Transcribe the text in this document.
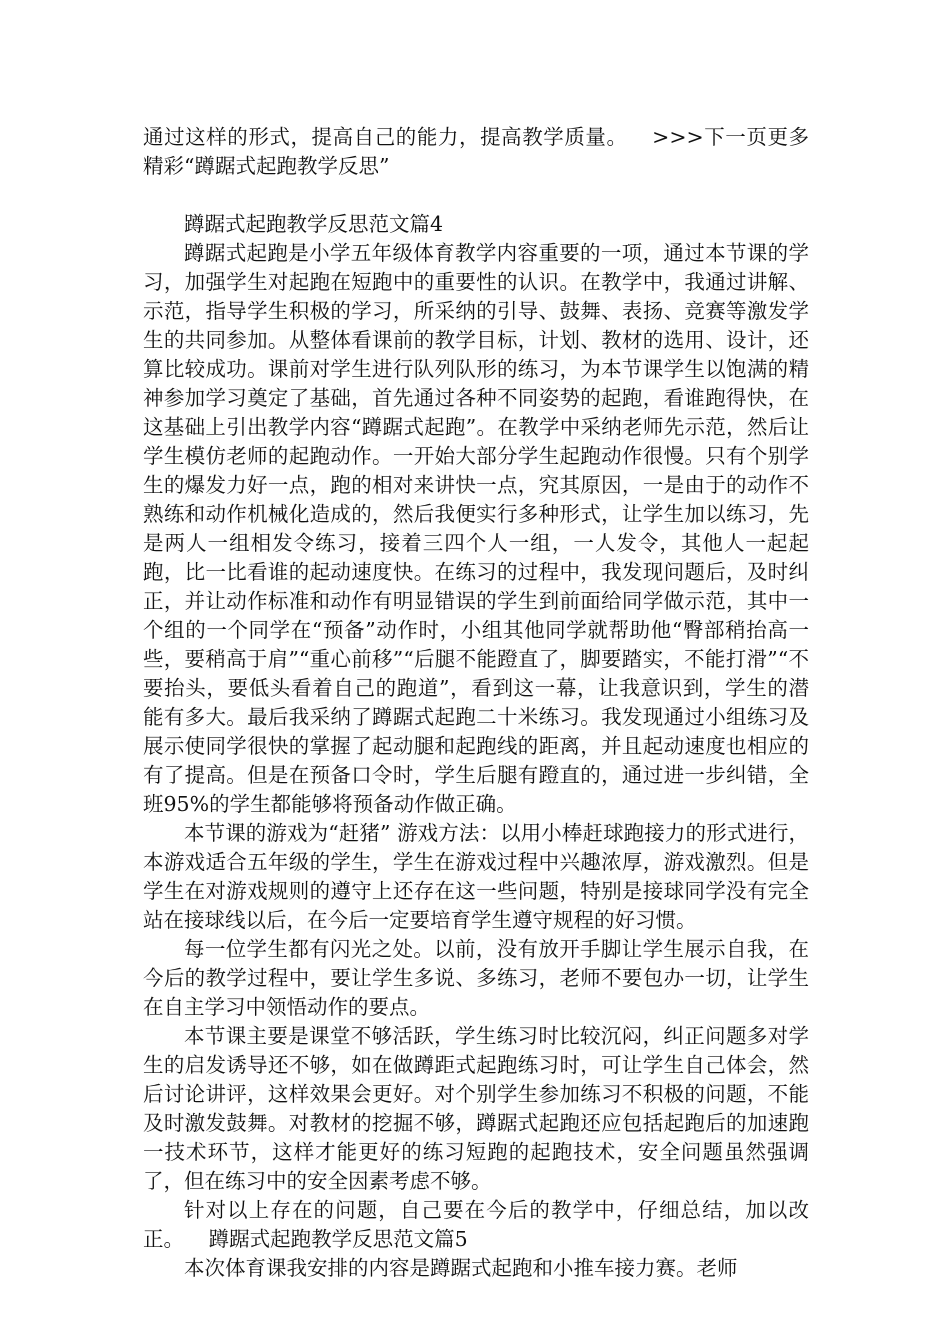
通过这样的形式，提高自己的能力，提高教学质量。 >>>下一页更多精彩“蹲踞式起跑教学反思”

蹲踞式起跑教学反思范文篇4

蹲踞式起跑是小学五年级体育教学内容重要的一项，通过本节课的学习，加强学生对起跑在短跑中的重要性的认识。在教学中，我通过讲解、示范，指导学生积极的学习，所采纳的引导、鼓舞、表扬、竞赛等激发学生的共同参加。从整体看课前的教学目标，计划、教材的选用、设计，还算比较成功。课前对学生进行队列队形的练习，为本节课学生以饱满的精神参加学习奠定了基础，首先通过各种不同姿势的起跑，看谁跑得快，在这基础上引出教学内容“蹲踞式起跑”。在教学中采纳老师先示范，然后让学生模仿老师的起跑动作。一开始大部分学生起跑动作很慢。只有个别学生的爆发力好一点，跑的相对来讲快一点，究其原因，一是由于的动作不熟练和动作机械化造成的，然后我便实行多种形式，让学生加以练习，先是两人一组相发令练习，接着三四个人一组，一人发令，其他人一起起跑，比一比看谁的起动速度快。在练习的过程中，我发现问题后，及时纠正，并让动作标准和动作有明显错误的学生到前面给同学做示范，其中一个组的一个同学在“预备”动作时，小组其他同学就帮助他“臀部稍抬高一些，要稍高于肩”“重心前移”“后腿不能蹬直了，脚要踏实，不能打滑”“不要抬头，要低头看着自己的跑道”，看到这一幕，让我意识到，学生的潜能有多大。最后我采纳了蹲踞式起跑二十米练习。我发现通过小组练习及展示使同学很快的掌握了起动腿和起跑线的距离，并且起动速度也相应的有了提高。但是在预备口令时，学生后腿有蹬直的，通过进一步纠错，全班95%的学生都能够将预备动作做正确。

本节课的游戏为“赶猪” 游戏方法：以用小棒赶球跑接力的形式进行，本游戏适合五年级的学生，学生在游戏过程中兴趣浓厚，游戏激烈。但是学生在对游戏规则的遵守上还存在这一些问题，特别是接球同学没有完全站在接球线以后，在今后一定要培育学生遵守规程的好习惯。

每一位学生都有闪光之处。以前，没有放开手脚让学生展示自我，在今后的教学过程中，要让学生多说、多练习，老师不要包办一切，让学生在自主学习中领悟动作的要点。

本节课主要是课堂不够活跃，学生练习时比较沉闷，纠正问题多对学生的启发诱导还不够，如在做蹲距式起跑练习时，可让学生自己体会，然后讨论讲评，这样效果会更好。对个别学生参加练习不积极的问题，不能及时激发鼓舞。对教材的挖掘不够，蹲踞式起跑还应包括起跑后的加速跑一技术环节，这样才能更好的练习短跑的起跑技术，安全问题虽然强调了，但在练习中的安全因素考虑不够。

针对以上存在的问题，自己要在今后的教学中，仔细总结，加以改正。 蹲踞式起跑教学反思范文篇5

本次体育课我安排的内容是蹲踞式起跑和小推车接力赛。老师
